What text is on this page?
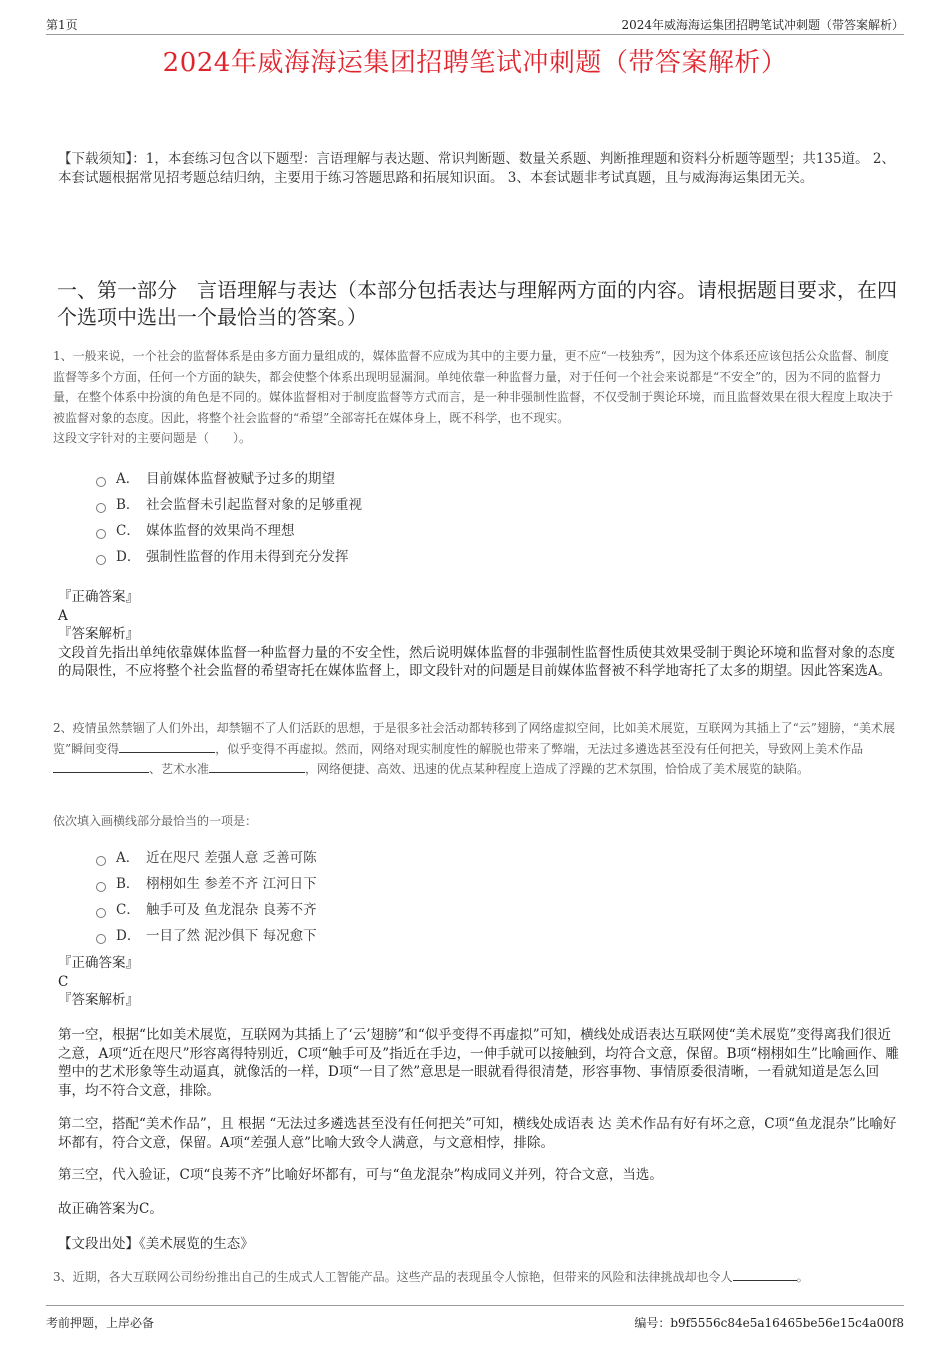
第1页	2024年威海海运集团招聘笔试冲刺题（带答案解析）
2024年威海海运集团招聘笔试冲刺题（带答案解析）
【下载须知】：1，本套练习包含以下题型：言语理解与表达题、常识判断题、数量关系题、判断推理题和资料分析题等题型；共135道。 2、本套试题根据常见招考题总结归纳，主要用于练习答题思路和拓展知识面。 3、本套试题非考试真题，且与威海海运集团无关。
一、第一部分　言语理解与表达（本部分包括表达与理解两方面的内容。请根据题目要求，在四个选项中选出一个最恰当的答案。）
1、一般来说，一个社会的监督体系是由多方面力量组成的，媒体监督不应成为其中的主要力量，更不应“一枝独秀”，因为这个体系还应该包括公众监督、制度监督等多个方面，任何一个方面的缺失，都会使整个体系出现明显漏洞。单纯依靠一种监督力量，对于任何一个社会来说都是“不安全”的，因为不同的监督力量，在整个体系中扮演的角色是不同的。媒体监督相对于制度监督等方式而言，是一种非强制性监督，不仅受制于舆论环境，而且监督效果在很大程度上取决于被监督对象的态度。因此，将整个社会监督的“希望”全部寄托在媒体身上，既不科学，也不现实。
这段文字针对的主要问题是（　　）。
A． 目前媒体监督被赋予过多的期望
B． 社会监督未引起监督对象的足够重视
C． 媒体监督的效果尚不理想
D． 强制性监督的作用未得到充分发挥

『正确答案』

A

『答案解析』

文段首先指出单纯依靠媒体监督一种监督力量的不安全性，然后说明媒体监督的非强制性监督性质使其效果受制于舆论环境和监督对象的态度的局限性，不应将整个社会监督的希望寄托在媒体监督上，即文段针对的问题是目前媒体监督被不科学地寄托了太多的期望。因此答案选A。

2、疫情虽然禁锢了人们外出，却禁锢不了人们活跃的思想，于是很多社会活动都转移到了网络虚拟空间，比如美术展览，互联网为其插上了“云”翅膀，“美术展览”瞬间变得	，似乎变得不再虚拟。然而，网络对现实制度性的解脱也带来了弊端，无法过多遴选甚至没有任何把关，导致网上美术作品、艺术水准	，网络便捷、高效、迅速的优点某种程度上造成了浮躁的艺术氛围，恰恰成了美术展览的缺陷。
依次填入画横线部分最恰当的一项是：
A． 近在咫尺 差强人意 乏善可陈
B． 栩栩如生 参差不齐 江河日下
C． 触手可及 鱼龙混杂 良莠不齐
D． 一目了然 泥沙俱下 每况愈下

『正确答案』

C

『答案解析』

第一空，根据“比如美术展览，互联网为其插上了‘云’翅膀”和“似乎变得不再虚拟”可知，横线处成语表达互联网使“美术展览”变得离我们很近之意，A项“近在咫尺”形容离得特别近，C项“触手可及”指近在手边，一伸手就可以接触到，均符合文意，保留。B项“栩栩如生”比喻画作、雕塑中的艺术形象等生动逼真，就像活的一样，D项“一目了然”意思是一眼就看得很清楚，形容事物、事情原委很清晰，一看就知道是怎么回事，均不符合文意，排除。
第二空，搭配“美术作品”，且 根据 “无法过多遴选甚至没有任何把关”可知，横线处成语表 达 美术作品有好有坏之意，C项“鱼龙混杂”比喻好坏都有，符合文意，保留。A项“差强人意”比喻大致令人满意，与文意相悖，排除。
第三空，代入验证，C项“良莠不齐”比喻好坏都有，可与“鱼龙混杂”构成同义并列，符合文意，当选。
故正确答案为C。
【文段出处】《美术展览的生态》
3、近期，各大互联网公司纷纷推出自己的生成式人工智能产品。这些产品的表现虽令人惊艳，但带来的风险和法律挑战却也令人	。
考前押题，上岸必备	编号：b9f5556c84e5a16465be56e15c4a00f8
